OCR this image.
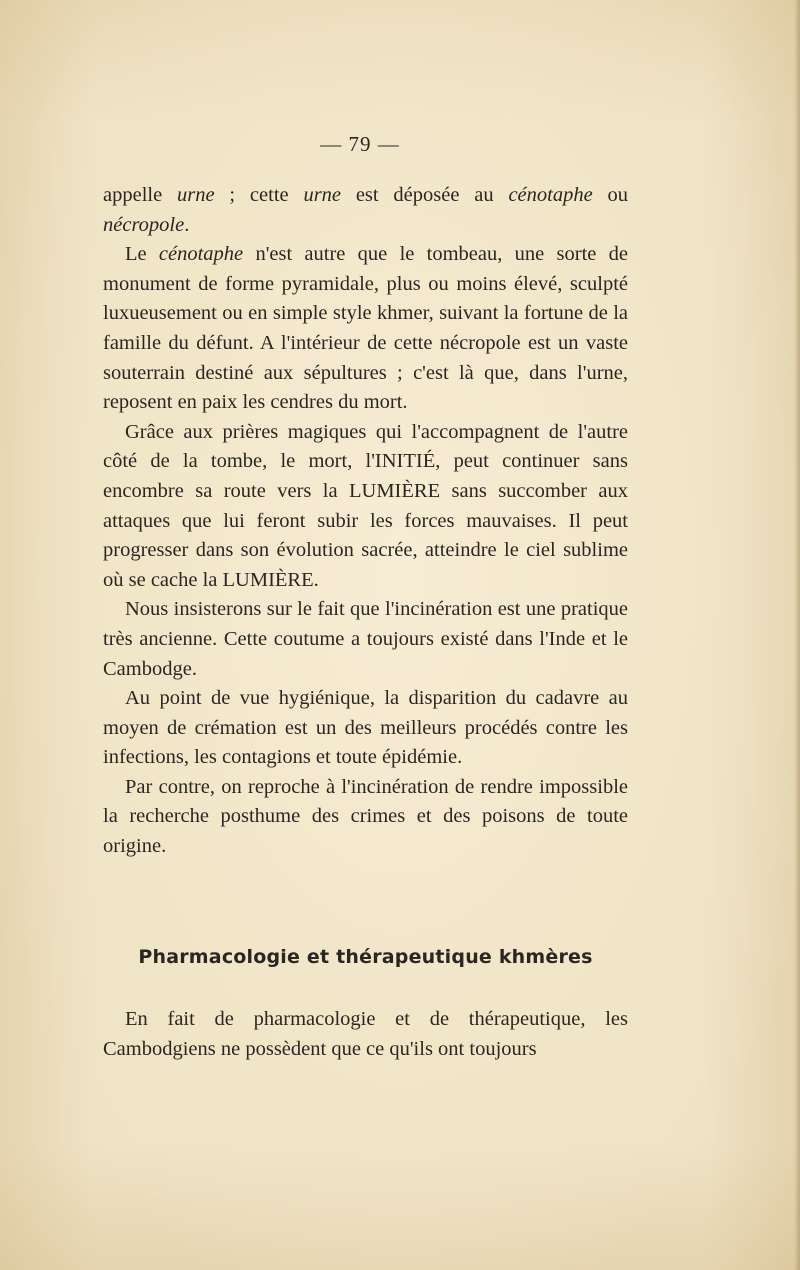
— 79 —

appelle urne ; cette urne est déposée au cénotaphe ou nécropole.

Le cénotaphe n'est autre que le tombeau, une sorte de monument de forme pyramidale, plus ou moins élevé, sculpté luxueusement ou en simple style khmer, suivant la fortune de la famille du défunt. A l'intérieur de cette nécropole est un vaste souterrain destiné aux sépultures ; c'est là que, dans l'urne, reposent en paix les cendres du mort.

Grâce aux prières magiques qui l'accompagnent de l'autre côté de la tombe, le mort, l'INITIÉ, peut continuer sans encombre sa route vers la LUMIÈRE sans succomber aux attaques que lui feront subir les forces mauvaises. Il peut progresser dans son évolution sacrée, atteindre le ciel sublime où se cache la LUMIÈRE.

Nous insisterons sur le fait que l'incinération est une pratique très ancienne. Cette coutume a toujours existé dans l'Inde et le Cambodge.

Au point de vue hygiénique, la disparition du cadavre au moyen de crémation est un des meilleurs procédés contre les infections, les contagions et toute épidémie.

Par contre, on reproche à l'incinération de rendre impossible la recherche posthume des crimes et des poisons de toute origine.

Pharmacologie et thérapeutique khmères

En fait de pharmacologie et de thérapeutique, les Cambodgiens ne possèdent que ce qu'ils ont toujours
